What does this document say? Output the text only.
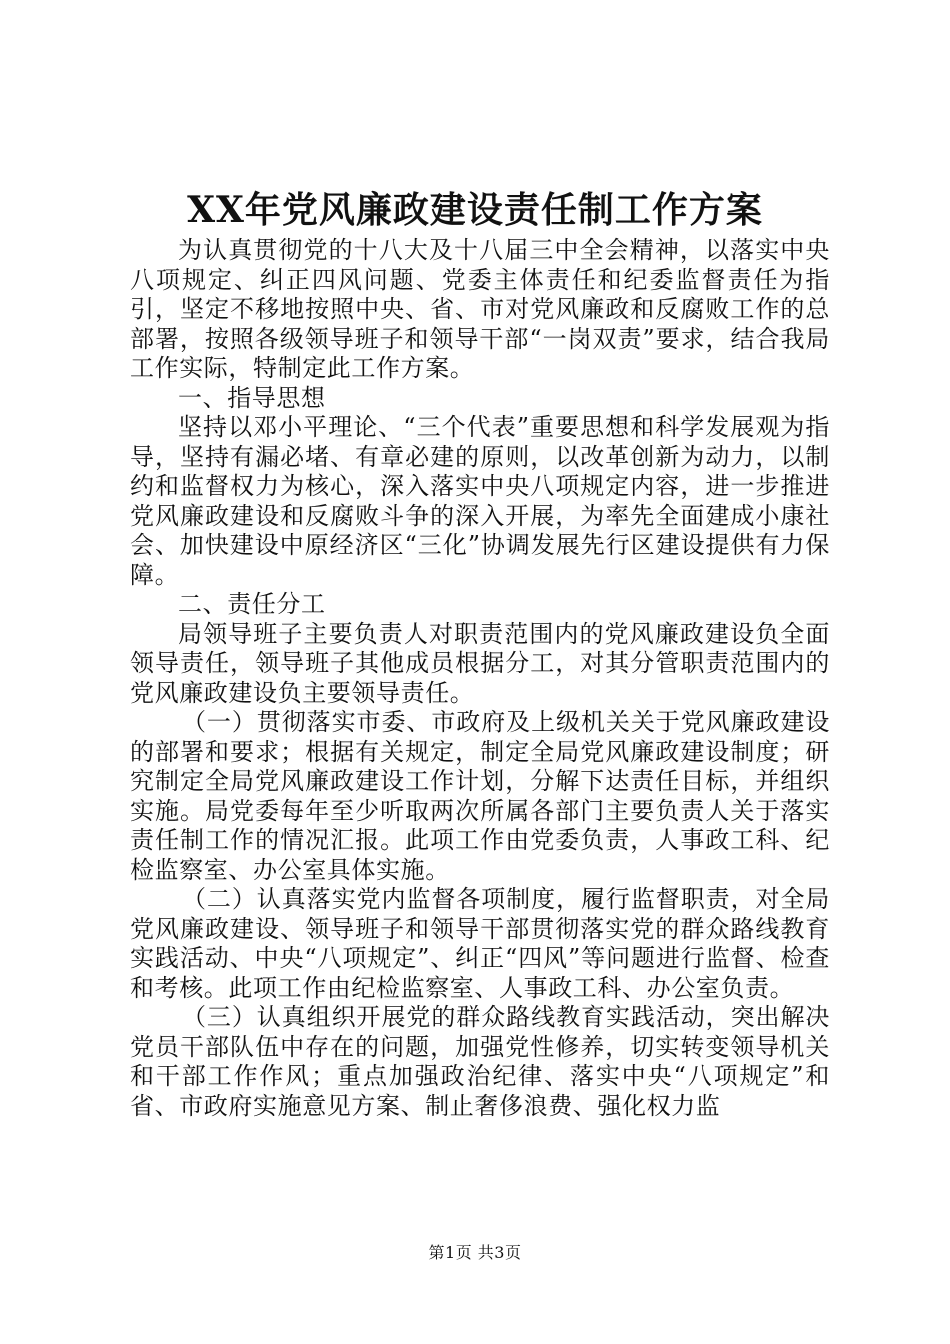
XX年党风廉政建设责任制工作方案

为认真贯彻党的十八大及十八届三中全会精神，以落实中央八项规定、纠正四风问题、党委主体责任和纪委监督责任为指引，坚定不移地按照中央、省、市对党风廉政和反腐败工作的总部署，按照各级领导班子和领导干部“一岗双责”要求，结合我局工作实际，特制定此工作方案。

一、指导思想

坚持以邓小平理论、“三个代表”重要思想和科学发展观为指导，坚持有漏必堵、有章必建的原则，以改革创新为动力，以制约和监督权力为核心，深入落实中央八项规定内容，进一步推进党风廉政建设和反腐败斗争的深入开展，为率先全面建成小康社会、加快建设中原经济区“三化”协调发展先行区建设提供有力保障。

二、责任分工

局领导班子主要负责人对职责范围内的党风廉政建设负全面领导责任，领导班子其他成员根据分工，对其分管职责范围内的党风廉政建设负主要领导责任。

（一）贯彻落实市委、市政府及上级机关关于党风廉政建设的部署和要求；根据有关规定，制定全局党风廉政建设制度；研究制定全局党风廉政建设工作计划，分解下达责任目标，并组织实施。局党委每年至少听取两次所属各部门主要负责人关于落实责任制工作的情况汇报。此项工作由党委负责，人事政工科、纪检监察室、办公室具体实施。

（二）认真落实党内监督各项制度，履行监督职责，对全局党风廉政建设、领导班子和领导干部贯彻落实党的群众路线教育实践活动、中央“八项规定”、纠正“四风”等问题进行监督、检查和考核。此项工作由纪检监察室、人事政工科、办公室负责。

（三）认真组织开展党的群众路线教育实践活动，突出解决党员干部队伍中存在的问题，加强党性修养，切实转变领导机关和干部工作作风；重点加强政治纪律、落实中央“八项规定”和省、市政府实施意见方案、制止奢侈浪费、强化权力监

第1页 共3页
